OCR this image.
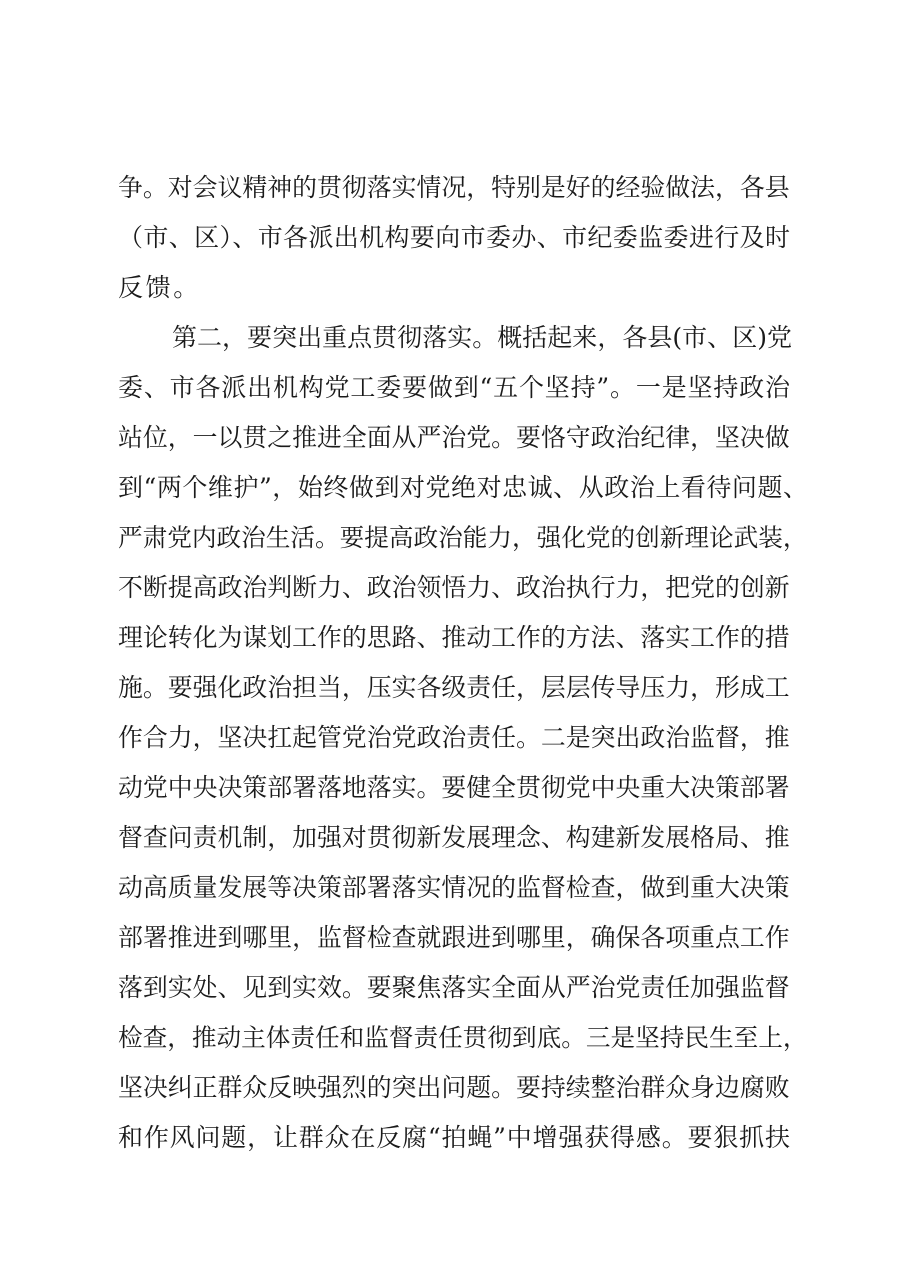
争。对会议精神的贯彻落实情况，特别是好的经验做法，各县

（市、区）、市各派出机构要向市委办、市纪委监委进行及时

反馈。

第二，要突出重点贯彻落实。概括起来，各县(市、区)党

委、市各派出机构党工委要做到“五个坚持”。一是坚持政治

站位，一以贯之推进全面从严治党。要恪守政治纪律，坚决做

到“两个维护”，始终做到对党绝对忠诚、从政治上看待问题、

严肃党内政治生活。要提高政治能力，强化党的创新理论武装，

不断提高政治判断力、政治领悟力、政治执行力，把党的创新

理论转化为谋划工作的思路、推动工作的方法、落实工作的措

施。要强化政治担当，压实各级责任，层层传导压力，形成工

作合力，坚决扛起管党治党政治责任。二是突出政治监督，推

动党中央决策部署落地落实。要健全贯彻党中央重大决策部署

督查问责机制，加强对贯彻新发展理念、构建新发展格局、推

动高质量发展等决策部署落实情况的监督检查，做到重大决策

部署推进到哪里，监督检查就跟进到哪里，确保各项重点工作

落到实处、见到实效。要聚焦落实全面从严治党责任加强监督

检查，推动主体责任和监督责任贯彻到底。三是坚持民生至上，

坚决纠正群众反映强烈的突出问题。要持续整治群众身边腐败

和作风问题，让群众在反腐“拍蝇”中增强获得感。要狠抓扶
